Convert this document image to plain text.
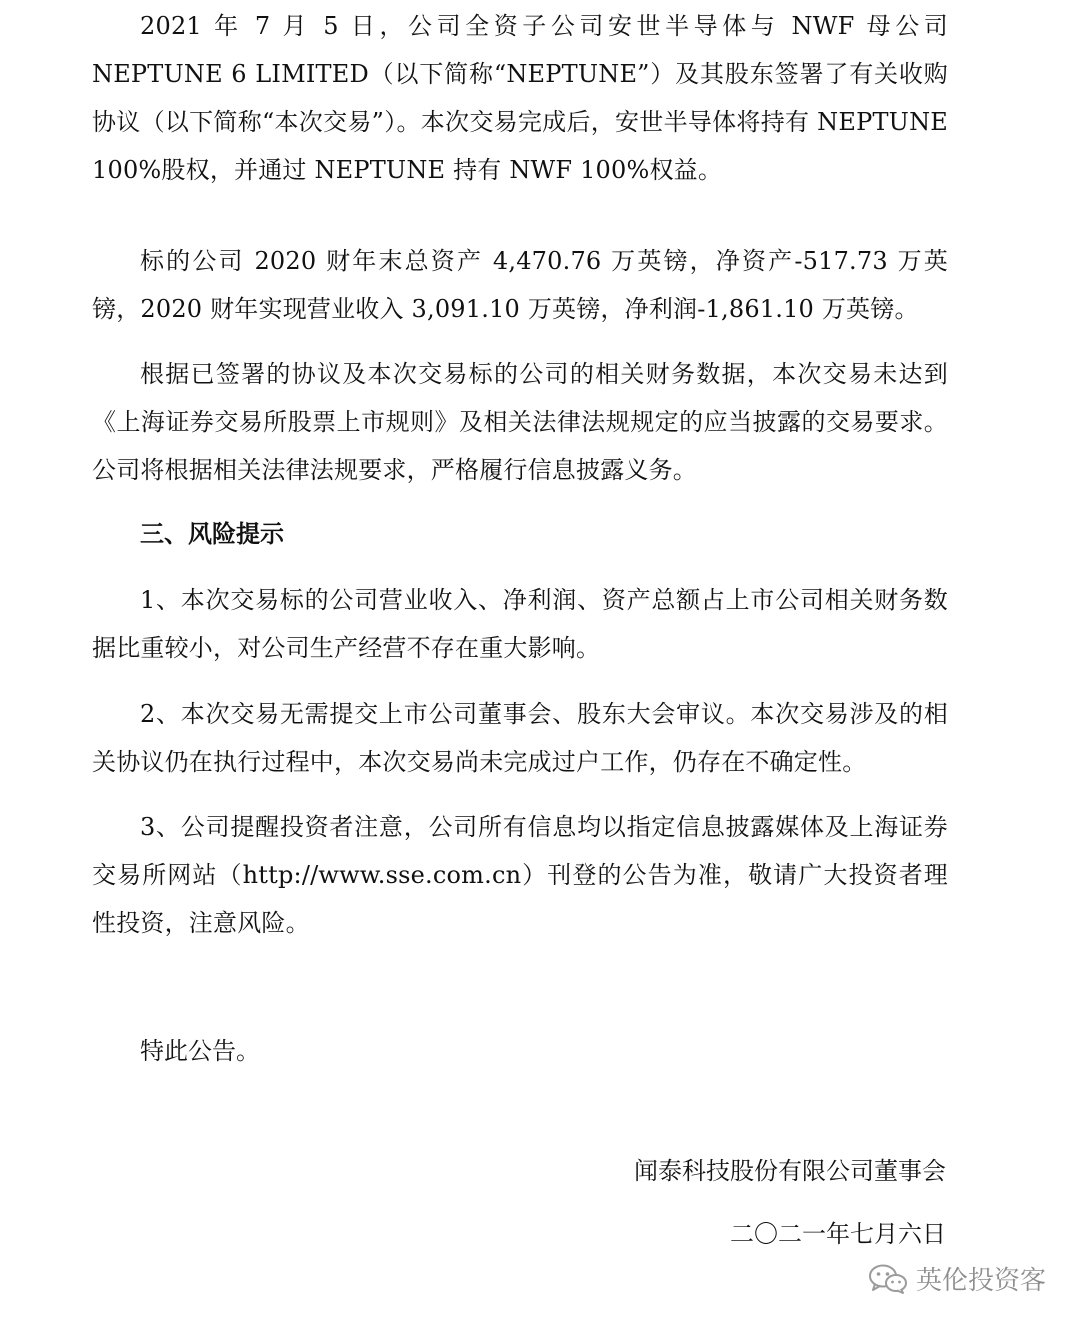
2021 年 7 月 5 日，公司全资子公司安世半导体与 NWF 母公司 NEPTUNE 6 LIMITED（以下简称“NEPTUNE”）及其股东签署了有关收购协议（以下简称“本次交易”）。本次交易完成后，安世半导体将持有 NEPTUNE 100%股权，并通过 NEPTUNE 持有 NWF 100%权益。

标的公司 2020 财年末总资产 4,470.76 万英镑，净资产-517.73 万英镑，2020 财年实现营业收入 3,091.10 万英镑，净利润-1,861.10 万英镑。

根据已签署的协议及本次交易标的公司的相关财务数据，本次交易未达到《上海证券交易所股票上市规则》及相关法律法规规定的应当披露的交易要求。公司将根据相关法律法规要求，严格履行信息披露义务。

三、风险提示

1、本次交易标的公司营业收入、净利润、资产总额占上市公司相关财务数据比重较小，对公司生产经营不存在重大影响。

2、本次交易无需提交上市公司董事会、股东大会审议。本次交易涉及的相关协议仍在执行过程中，本次交易尚未完成过户工作，仍存在不确定性。

3、公司提醒投资者注意，公司所有信息均以指定信息披露媒体及上海证券交易所网站（http://www.sse.com.cn）刊登的公告为准，敬请广大投资者理性投资，注意风险。

特此公告。

闻泰科技股份有限公司董事会

二〇二一年七月六日

英伦投资客
